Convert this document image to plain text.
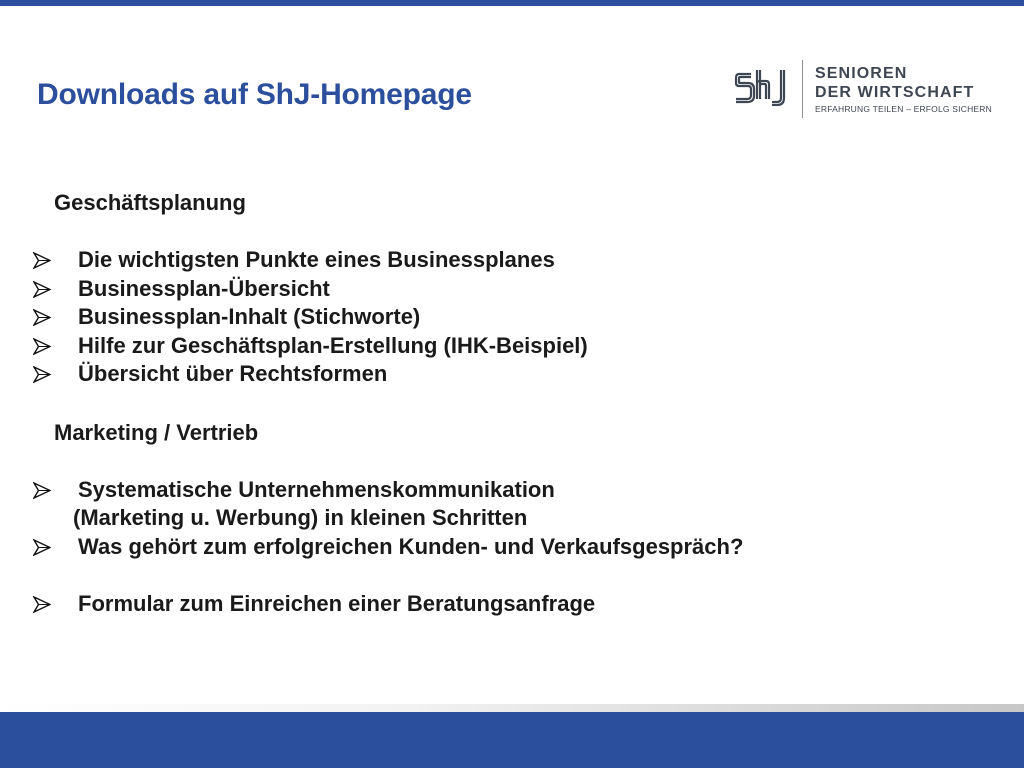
Downloads auf ShJ-Homepage
SENIOREN
DER WIRTSCHAFT
ERFAHRUNG TEILEN – ERFOLG SICHERN
Geschäftsplanung
Die wichtigsten Punkte eines Businessplanes
Businessplan-Übersicht
Businessplan-Inhalt (Stichworte)
Hilfe zur Geschäftsplan-Erstellung (IHK-Beispiel)
Übersicht über Rechtsformen
Marketing / Vertrieb
Systematische Unternehmenskommunikation
(Marketing u. Werbung) in kleinen Schritten
Was gehört zum erfolgreichen Kunden- und Verkaufsgespräch?
Formular zum Einreichen einer Beratungsanfrage
